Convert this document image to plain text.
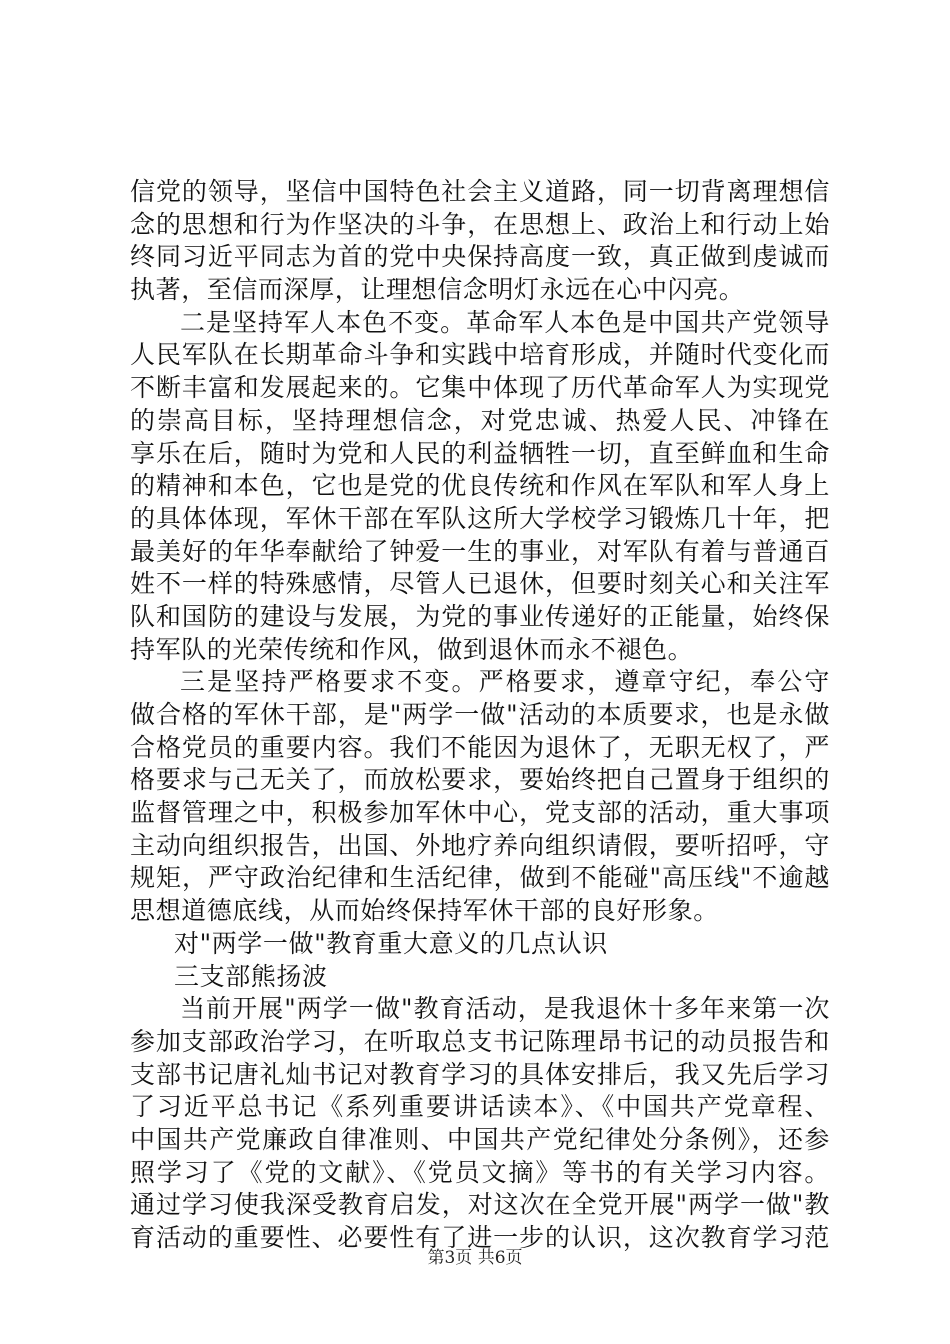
信党的领导，坚信中国特色社会主义道路，同一切背离理想信
念的思想和行为作坚决的斗争，在思想上、政治上和行动上始
终同习近平同志为首的党中央保持高度一致，真正做到虔诚而
执著，至信而深厚，让理想信念明灯永远在心中闪亮。
二是坚持军人本色不变。革命军人本色是中国共产党领导
人民军队在长期革命斗争和实践中培育形成，并随时代变化而
不断丰富和发展起来的。它集中体现了历代革命军人为实现党
的崇高目标，坚持理想信念，对党忠诚、热爱人民、冲锋在
享乐在后，随时为党和人民的利益牺牲一切，直至鲜血和生命
的精神和本色，它也是党的优良传统和作风在军队和军人身上
的具体体现，军休干部在军队这所大学校学习锻炼几十年，把
最美好的年华奉献给了钟爱一生的事业，对军队有着与普通百
姓不一样的特殊感情，尽管人已退休，但要时刻关心和关注军
队和国防的建设与发展，为党的事业传递好的正能量，始终保
持军队的光荣传统和作风，做到退休而永不褪色。
三是坚持严格要求不变。严格要求，遵章守纪，奉公守
做合格的军休干部，是"两学一做"活动的本质要求，也是永做
合格党员的重要内容。我们不能因为退休了，无职无权了，严
格要求与己无关了，而放松要求，要始终把自己置身于组织的
监督管理之中，积极参加军休中心，党支部的活动，重大事项
主动向组织报告，出国、外地疗养向组织请假，要听招呼，守
规矩，严守政治纪律和生活纪律，做到不能碰"高压线"不逾越
思想道德底线，从而始终保持军休干部的良好形象。
对"两学一做"教育重大意义的几点认识
三支部熊扬波
当前开展"两学一做"教育活动，是我退休十多年来第一次
参加支部政治学习，在听取总支书记陈理昂书记的动员报告和
支部书记唐礼灿书记对教育学习的具体安排后，我又先后学习
了习近平总书记《系列重要讲话读本》、《中国共产党章程、
中国共产党廉政自律准则、中国共产党纪律处分条例》，还参
照学习了《党的文献》、《党员文摘》等书的有关学习内容。
通过学习使我深受教育启发，对这次在全党开展"两学一做"教
育活动的重要性、必要性有了进一步的认识，这次教育学习范
第3页 共6页
